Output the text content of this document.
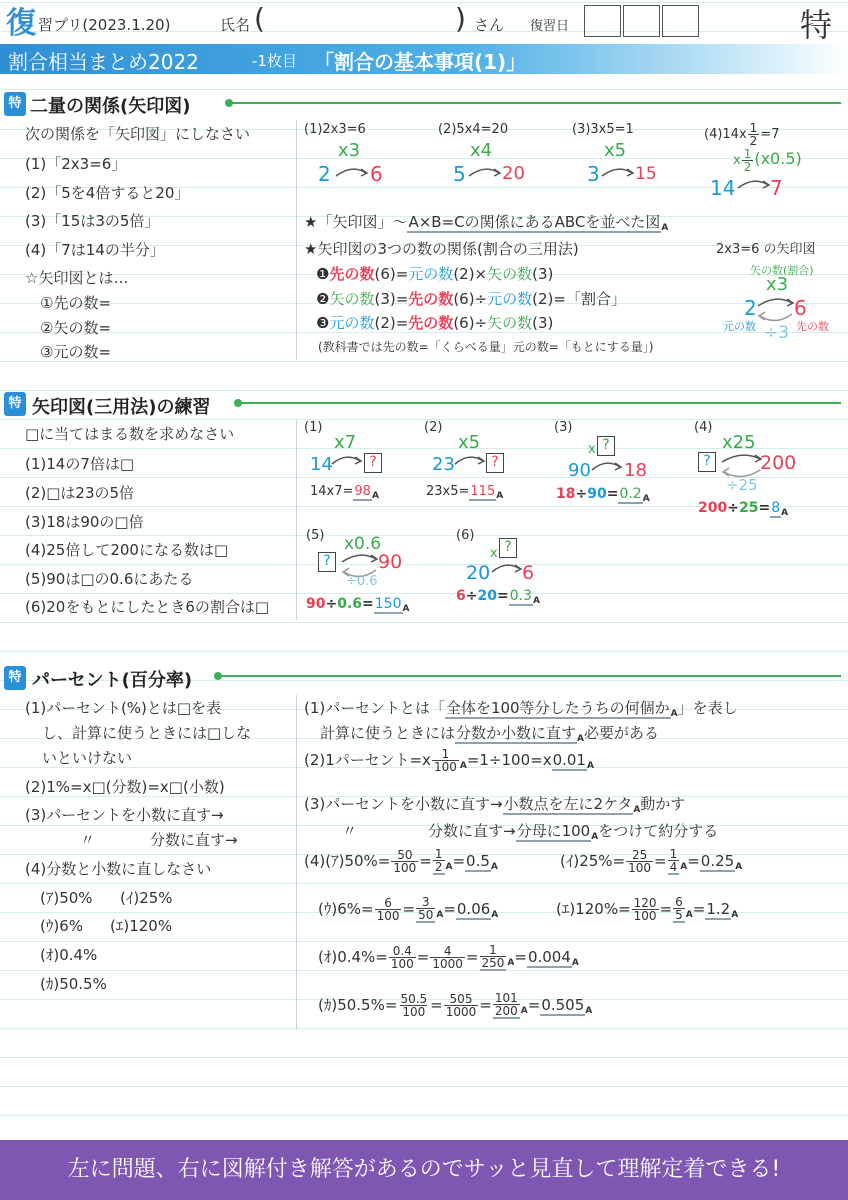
復 習プリ(2023.1.20)	氏名 (	) さん 復習日	特
割合相当まとめ2022	-1枚目 「割合の基本事項(1)」
特 二量の関係(矢印図)
次の関係を「矢印図」にしなさい
(1)「2x3=6」
(2)「5を4倍すると20」
(3)「15は3の5倍」
(4)「7は14の半分」
☆矢印図とは…
①先の数=
②矢の数=
③元の数=
(1)2x3=6
x3
2 6
(2)5x4=20
x4
5 20
(3)3x5=1
x5
3 15
$(4)14x \frac{1}{2} =7$
x $\frac{1}{2} (x0.5)$
14 7
★「矢印図」〜A×B=Cの関係にあるABCを並べた図$_A$
★矢印図の3つの数の関係(割合の三用法)
❶先の数(6)=元の数(2)×矢の数(3)
❷矢の数(3)=先の数(6)÷元の数(2)=「割合」
❸元の数(2)=先の数(6)÷矢の数(3)
(教科書では先の数=「くらべる量」元の数=「もとにする量」)
2x3=6 の矢印図
矢の数(割合)
x3
2 6
元の数	先の数
÷3
特 矢印図(三用法)の練習
□に当てはまる数を求めなさい
(1)14の7倍は□
(2)□は23の5倍
(3)18は90の□倍
(4)25倍して200になる数は□
(5)90は□の0.6にあたる
(6)20をもとにしたとき6の割合は□
(1)
x7
14	?
$14x7=98_A$
(2)
x5
23	?
$23x5=115_A$
(3)
x ?
90 18
$18\div 90=0.2_A$
(4)
x25
?	200
÷25
$200\div 25=8_A$
(5) x0.6
? 90
÷0.6
$90\div 0.6=150_A$
(6)
x ?
20 6
$6\div 20=0.3_A$
特 パーセント(百分率)
(1)パーセント(%)とは□を表
し、計算に使うときには□しな
いといけない
(2)1%=x□(分数)=x□(小数)
(3)パーセントを小数に直す→
〃	分数に直す→
(4)分数と小数に直しなさい
(ｱ)50% (ｲ)25%
(ｳ)6% (ｴ)120%
(ｵ)0.4%
(ｶ)50.5%
(1)パーセントとは「全体を100等分したうちの何個か$_A$」を表し
計算に使うときには分数か小数に直す$_A$必要がある
(2)1パーセント$=x \frac{1}{100} _A=1\div 100=x0.01_A$
(3)パーセントを小数に直す→小数点を左に2ケタ$_A$動かす
〃	分数に直す→分母に$100_A$をつけて約分する
(4)(ｱ)$50\%= \frac{50}{100} = \frac{1}{2} _A=0.5_A$	(ｲ)$25\%= \frac{25}{100} = \frac{1}{4} _A=0.25_A$
(ｳ)$6\%= \frac{6}{100} = \frac{3}{50} _A=0.06_A$	(ｴ)$120\%= \frac{120}{100} = \frac{6}{5} _A=1.2_A$
(ｵ)$0.4\%= \frac{0.4}{100} = \frac{4}{1000} = \frac{1}{250} _A=0.004_A$
(ｶ)$50.5\%= \frac{50.5}{100} = \frac{505}{1000} = \frac{101}{200} _A=0.505_A$
左に問題、右に図解付き解答があるのでサッと見直して理解定着できる!
